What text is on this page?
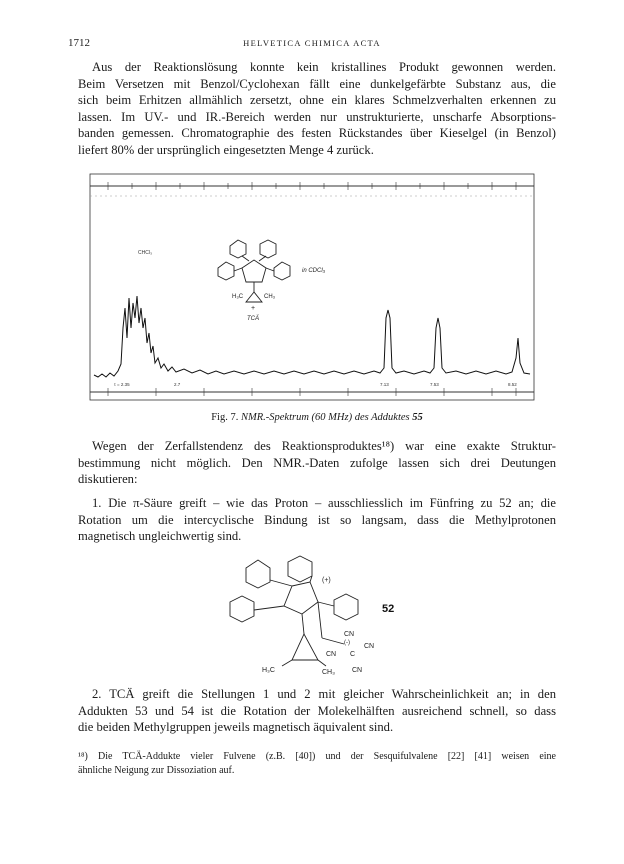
1712	HELVETICA CHIMICA ACTA
Aus der Reaktionslösung konnte kein kristallines Produkt gewonnen werden.
Beim Versetzen mit Benzol/Cyclohexan fällt eine dunkelgefärbte Substanz aus, die
sich beim Erhitzen allmählich zersetzt, ohne ein klares Schmelzverhalten erkennen zu
lassen. Im UV.- und IR.-Bereich werden nur unstrukturierte, unscharfe Absorptions-
banden gemessen. Chromatographie des festen Rückstandes über Kieselgel (in Benzol)
liefert 80% der ursprünglich eingesetzten Menge 4 zurück.
H₃C	CH₃
+
TCÄ
in CDCl₃
CHCl₃
τ = 2.35	2.7	7.13	7.53	8.52
Fig. 7. NMR.-Spektrum (60 MHz) des Adduktes 55
Wegen der Zerfallstendenz des Reaktionsproduktes¹⁸) war eine exakte Struktur-
bestimmung nicht möglich. Den NMR.-Daten zufolge lassen sich drei Deutungen
diskutieren:
1. Die π-Säure greift – wie das Proton – ausschliesslich im Fünfring zu 52 an; die
Rotation um die intercyclische Bindung ist so langsam, dass die Methylprotonen
magnetisch ungleichwertig sind.
(+)
52
CN
CN
CN
CN
(-)
C
H₃C	CH₃
2. TCÄ greift die Stellungen 1 und 2 mit gleicher Wahrscheinlichkeit an; in den
Addukten 53 und 54 ist die Rotation der Molekelhälften ausreichend schnell, so dass
die beiden Methylgruppen jeweils magnetisch äquivalent sind.
¹⁸) Die TCÄ-Addukte vieler Fulvene (z.B. [40]) und der Sesquifulvalene [22] [41] weisen eine
ähnliche Neigung zur Dissoziation auf.
